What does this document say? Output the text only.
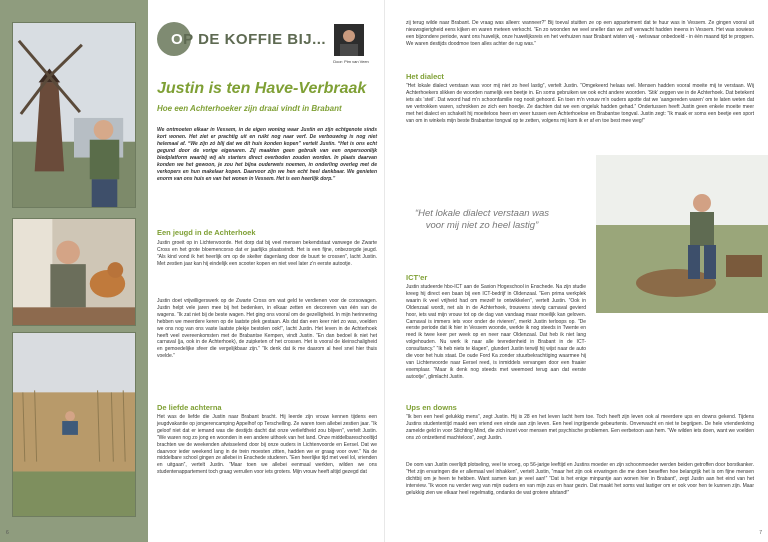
OP DE KOFFIE BIJ...
Door: Pim van Veen
Justin is ten Have-Verbraak
Hoe een Achterhoeker zijn draai vindt in Brabant
We ontmoeten elkaar in Vessem, in de eigen woning waar Justin en zijn echtgenote sinds kort wonen. Het ziet er prachtig uit en ruikt nog naar verf. De verbouwing is nog niet helemaal af. “We zijn zó blij dat we dit huis konden kopen” vertelt Justin. “Het is ons echt gegund door de vorige eigenaren. Zij maakten geen gebruik van een onpersoonlijk biedplatform waarbij wij als starters direct overboden zouden worden. In plaats daarvan konden we het gewoon, je zou het bijna ouderwets noemen, in onderling overleg met de verkopers en hun makelaar kopen. Daarvoor zijn we hen echt heel dankbaar. We genieten enorm van ons huis en van het wonen in Vessem. Het is een heerlijk dorp.”
Een jeugd in de Achterhoek
Justin groeit op in Lichtenvoorde. Het dorp dat bij veel mensen bekendstaat vanwege de Zwarte Cross en het grote bloemencorso dat er jaarlijks plaatsvindt. Het is een fijne, onbezorgde jeugd. “Als kind vond ik het heerlijk om op de skelter dagenlang door de buurt te crossen”, lacht Justin. Met zestien jaar kan hij eindelijk een scooter kopen en niet veel later z’n eerste autootje.
Justin doet vrijwilligerswerk op de Zwarte Cross om wat geld te verdienen voor de corsowagen. Justin helpt vele jaren mee bij het bedenken, in elkaar zetten en decoreren van één van de wagens. “Ik zat niet bij de beste wagen. Het ging ons vooral om de gezelligheid. In mijn herinnering hebben we meerdere keren op de laatste plek gestaan. Als dat dan een keer niet zo was, voelden we ons nog van ons vaste laatste plekje bestolen ook!”, lacht Justin. Het leven in de Achterhoek heeft veel overeenkomsten met de Brabantse Kempen, vindt Justin. “En dan bedoel ik niet het carnaval (ja, ook in de Achterhoek), de zuipketen of het crossen. Het is vooral de kleinschaligheid en gemoedelijke sfeer die vergelijkbaar zijn.” “Ik denk dat ik me daarom al heel snel hier thuis voelde.”
De liefde achterna
Het was de liefde die Justin naar Brabant bracht. Hij leerde zijn vrouw kennen tijdens een jeugdvakantie op jongerencamping Appelhof op Terschelling. Ze waren toen allebei zestien jaar. “Ik geloof niet dat er iemand was die destijds dacht dat onze verliefdheid zou blijven”, vertelt Justin. “We waren nog zo jong en woonden in een andere uithoek van het land. Onze middelbareschooltijd brachten we de weekenden afwisselend door bij onze ouders in Lichtenvoorde en Eersel. Dat we daarvoor ieder weekend lang in de trein moesten zitten, hadden we er graag voor over.” Na de middelbare school gingen ze allebei in Enschede studeren. “Een heerlijke tijd met veel lol, vrienden en uitgaan”, vertelt Justin. “Maar toen we allebei eenmaal werkten, wilden we ons studentenappartement toch graag verruilen voor iets groters. Mijn vrouw heeft altijd gezegd dat
6	7
zij terug wilde naar Brabant. De vraag was alleen: wanneer?” Bij toeval stuitten ze op een appartement dat te huur was in Vessem. Ze gingen vooral uit nieuwsgierigheid eens kijken en waren meteen verkocht. “En zo woonden we veel sneller dan we zelf verwacht hadden ineens in Vessem. Het was sowieso een bijzondere periode, want ons huwelijk, onze huwelijksreis en het verhuizen naar Brabant wisten wij - welswaar onbedoeld - in één maand tijd te proppen. We waren destijds doodmoe toen alles achter de rug was.”
Het dialect
“Het lokale dialect verstaan was voor mij niet zo heel lastig”, vertelt Justin. “Omgekeerd helaas wel. Mensen hadden vooral moeite mij te verstaan. Wij Achterhoekers slikken de woorden namelijk een beetje in. En soms gebruiken we ook echt andere woorden. ‘Stik’ zeggen we in de Achterhoek. Dat betekent iets als ‘steil’. Dat woord had m’n schoonfamilie nog nooit gehoord. En toen m’n vrouw m’n ouders apotte dat we ‘aangereden waren’ om te laten weten dat we vertrokken waren, schrokken ze zich een hoedje. Ze dachten dat we een ongeluk hadden gehad.” Ondertussen heeft Justin geen enkele moeite meer met het dialect en schakelt hij moeiteloos heen en weer tussen een Achterhoekse en Brabantse tongval. Justin zegt: “Ik maak er soms een beetje een sport van om in winkels mijn beste Brabantse tongval op te zetten, volgens mij kom ik er af en toe best mee weg!”
“Het lokale dialect verstaan was voor mij niet zo heel lastig”
ICT’er
Justin studeerde hbo-ICT aan de Saxion Hogeschool in Enschede. Na zijn studie kreeg hij direct een baan bij een ICT-bedrijf in Oldenzaal. “Een prima werkplek waarin ik veel vrijheid had om mezelf te ontwikkelen”, vertelt Justin. “Ook in Oldenzaal wordt, net als in de Achterhoek, trouwens stevig carnaval gevierd hoor, iets wat mijn vrouw tot op de dag van vandaag maar moeilijk kan geloven. Carnaval is immers iets voor onder de rivieren”, merkt Justin terloops op. “De eerste periode dat ik hier in Vessem woonde, werkte ik nog steeds in Twente en reed ik twee keer per week op en neer naar Oldenzaal. Dat heb ik niet lang volgehouden. Nu werk ik naar alle tevredenheid in Brabant in de ICT-consultancy.” “Ik heb niets te klagen”, glundert Justin terwijl hij wijst naar de auto die voor het huis staat. De oude Ford Ka zonder stuurbekrachtiging waarmee hij van Lichtenvoorde naar Eersel reed, is inmiddels vervangen door een fraaier exemplaar. “Maar ik denk nog steeds met weemoed terug aan dat eerste autootje”, glimlacht Justin.
Ups en downs
“Ik ben een heel gelukkig mens”, zegt Justin. Hij is 28 en het leven lacht hem toe. Toch heeft zijn leven ook al meerdere ups en downs gekend. Tijdens Justins studententijd maakt een vriend een einde aan zijn leven. Een heel ingrijpende gebeurtenis. Onverwacht en niet te begrijpen. De hele vriendenkring zamelde geld in voor Stichting Mind, die zich inzet voor mensen met psychische problemen. Een eerbetoon aan hem. “We wilden iets doen, want we voelden ons zó ontzettend machteloos”, zegt Justin.
De oom van Justin overlijdt plotseling, veel te vroeg, op 56-jarige leeftijd en Justins moeder en zijn schoonmoeder werden beiden getroffen door borstkanker. “Het zijn ervaringen die er allemaal wel inhakken”, vertelt Justin, “maar het zijn ook ervaringen die me doen beseffen hoe belangrijk het is om fijne mensen dichtbij om je heen te hebben. Want samen kan je veel aan!” “Dat is het enige minpuntje aan wonen hier in Brabant”, zegt Justin aan het eind van het interview. “Ik woon nu verder weg van mijn ouders en van mijn zus en haar gezin. Dat maakt het soms wat lastiger om er ook voor hen te kunnen zijn. Maar gelukkig zien we elkaar heel regelmatig, ondanks de wat grotere afstand!”
